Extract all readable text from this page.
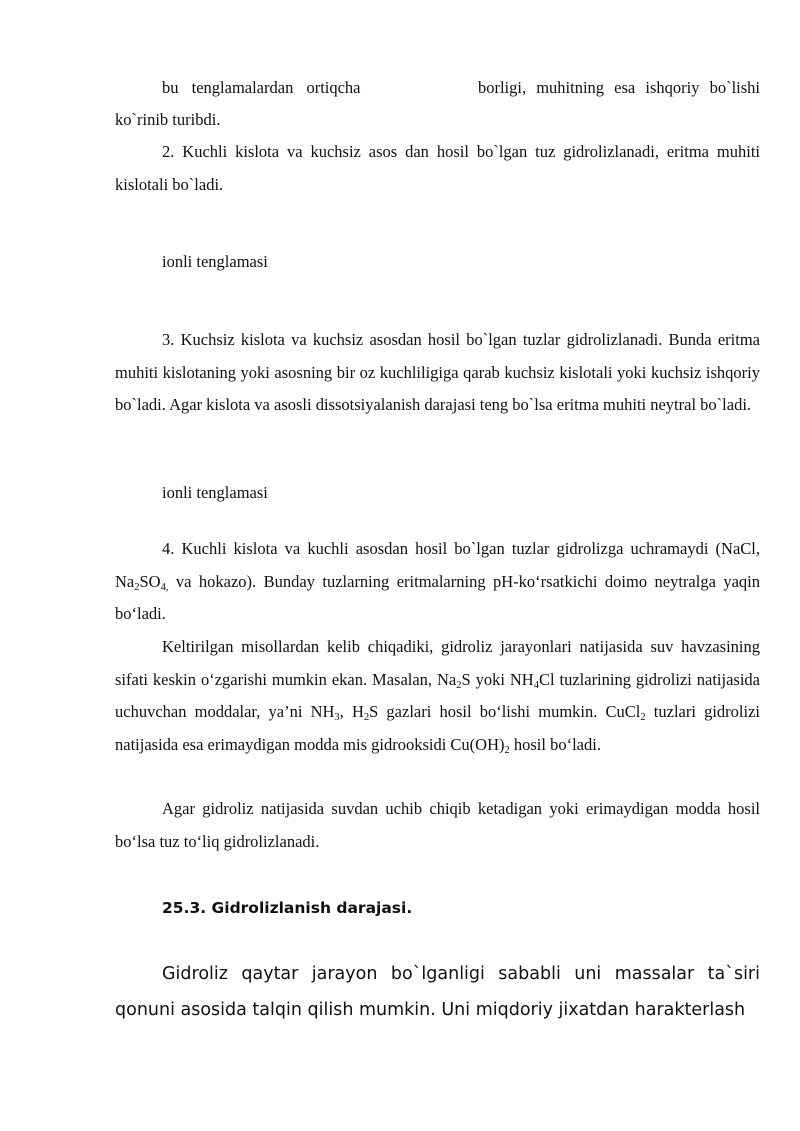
bu tenglamalardan ortiqcha	borligi, muhitning esa ishqoriy bo`lishi
ko`rinib turibdi.
2. Kuchli kislota va kuchsiz asos dan hosil bo`lgan tuz gidrolizlanadi, eritma muhiti kislotali bo`ladi.
ionli tenglamasi
3. Kuchsiz kislota va kuchsiz asosdan hosil bo`lgan tuzlar gidrolizlanadi. Bunda eritma muhiti kislotaning yoki asosning bir oz kuchliligiga qarab kuchsiz kislotali yoki kuchsiz ishqoriy bo`ladi. Agar kislota va asosli dissotsiyalanish darajasi teng bo`lsa eritma muhiti neytral bo`ladi.
ionli tenglamasi
4. Kuchli kislota va kuchli asosdan hosil bo`lgan tuzlar gidrolizga uchramaydi (NaCl, $Na_2SO_{4,}$ va hokazo). Bunday tuzlarning eritmalarning pH-ko‘rsatkichi doimo neytralga yaqin bo‘ladi.
Keltirilgan misollardan kelib chiqadiki, gidroliz jarayonlari natijasida suv havzasining sifati keskin o‘zgarishi mumkin ekan. Masalan, $Na_2S$ yoki $NH_4Cl$ tuzlarining gidrolizi natijasida uchuvchan moddalar, ya’ni $NH_3$, $H_2S$ gazlari hosil bo‘lishi mumkin. CuCl$_2$ tuzlari gidrolizi natijasida esa erimaydigan modda mis gidrooksidi $Cu(OH)_2$ hosil bo‘ladi.
Agar gidroliz natijasida suvdan uchib chiqib ketadigan yoki erimaydigan modda hosil bo‘lsa tuz to‘liq gidrolizlanadi.
25.3. Gidrolizlanish darajasi.
Gidroliz qaytar jarayon bo`lganligi sababli uni massalar ta`siri qonuni asosida talqin qilish mumkin. Uni miqdoriy jixatdan harakterlash
